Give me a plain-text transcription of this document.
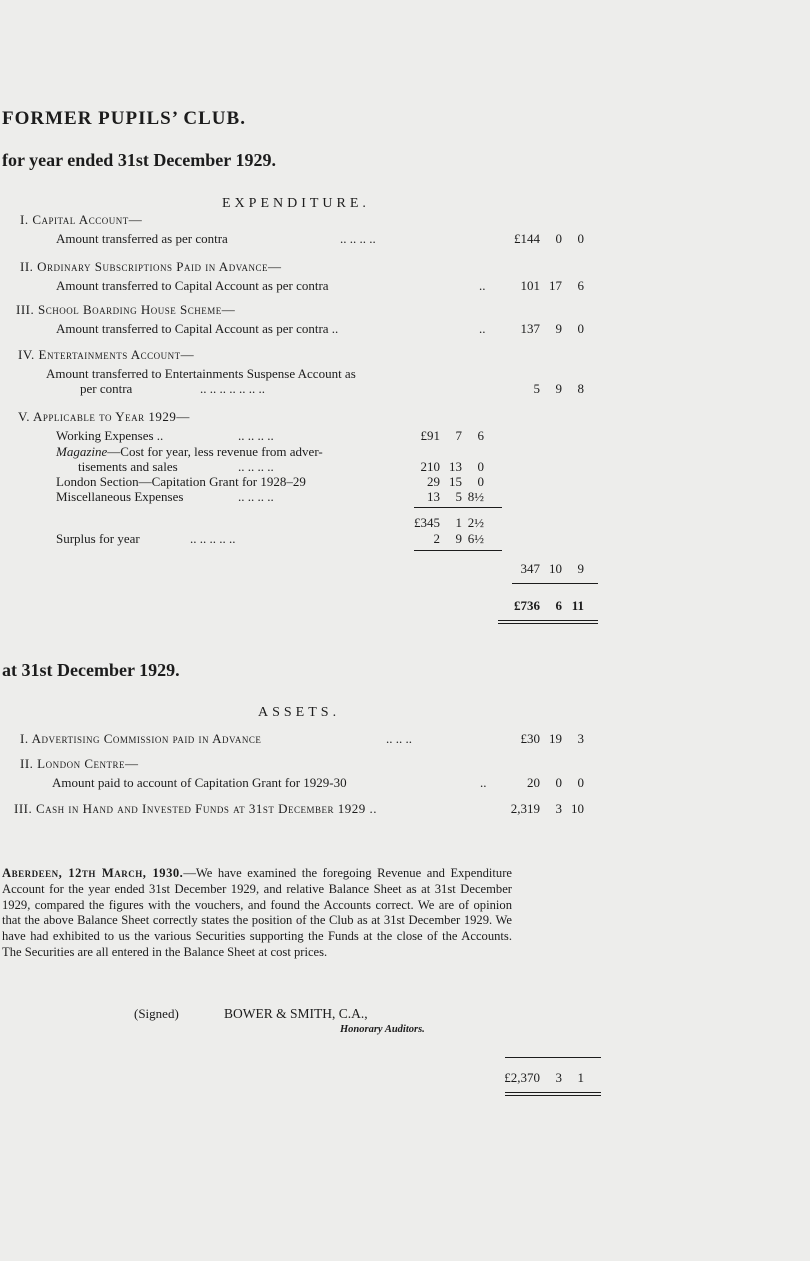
FORMER PUPILS’ CLUB.
for year ended 31st December 1929.
EXPENDITURE.
I. Capital Account—
Amount transferred as per contra	.. .. .. ..	£144 0 0
II. Ordinary Subscriptions Paid in Advance—
Amount transferred to Capital Account as per contra	..	101 17 6
III. School Boarding House Scheme—
Amount transferred to Capital Account as per contra ..	..	137 9 0
IV. Entertainments Account—
Amount transferred to Entertainments Suspense Account as
per contra	.. .. .. .. .. .. ..	5 9 8
V. Applicable to Year 1929—
Working Expenses ..	.. .. .. ..	£91 7 6
Magazine—Cost for year, less revenue from adver-
tisements and sales	.. .. .. ..	210 13 0
London Section—Capitation Grant for 1928–29	29 15 0
Miscellaneous Expenses	.. .. .. ..	13 5 8½
£345 1 2½
Surplus for year	.. .. .. .. ..	2 9 6½
347 10 9
£736 6 11
at 31st December 1929.
ASSETS.
I. Advertising Commission paid in Advance	.. .. ..	£30 19 3
II. London Centre—
Amount paid to account of Capitation Grant for 1929-30	..	20 0 0
III. Cash in Hand and Invested Funds at 31st December 1929 ..	2,319 3 10
Aberdeen, 12th March, 1930.—We have examined the foregoing Revenue and Expenditure Account for the year ended 31st December 1929, and relative Balance Sheet as at 31st December 1929, compared the figures with the vouchers, and found the Accounts correct. We are of opinion that the above Balance Sheet correctly states the position of the Club as at 31st December 1929. We have had exhibited to us the various Securities supporting the Funds at the close of the Accounts. The Securities are all entered in the Balance Sheet at cost prices.
(Signed)	BOWER & SMITH, C.A.,
Honorary Auditors.
£2,370 3 1
